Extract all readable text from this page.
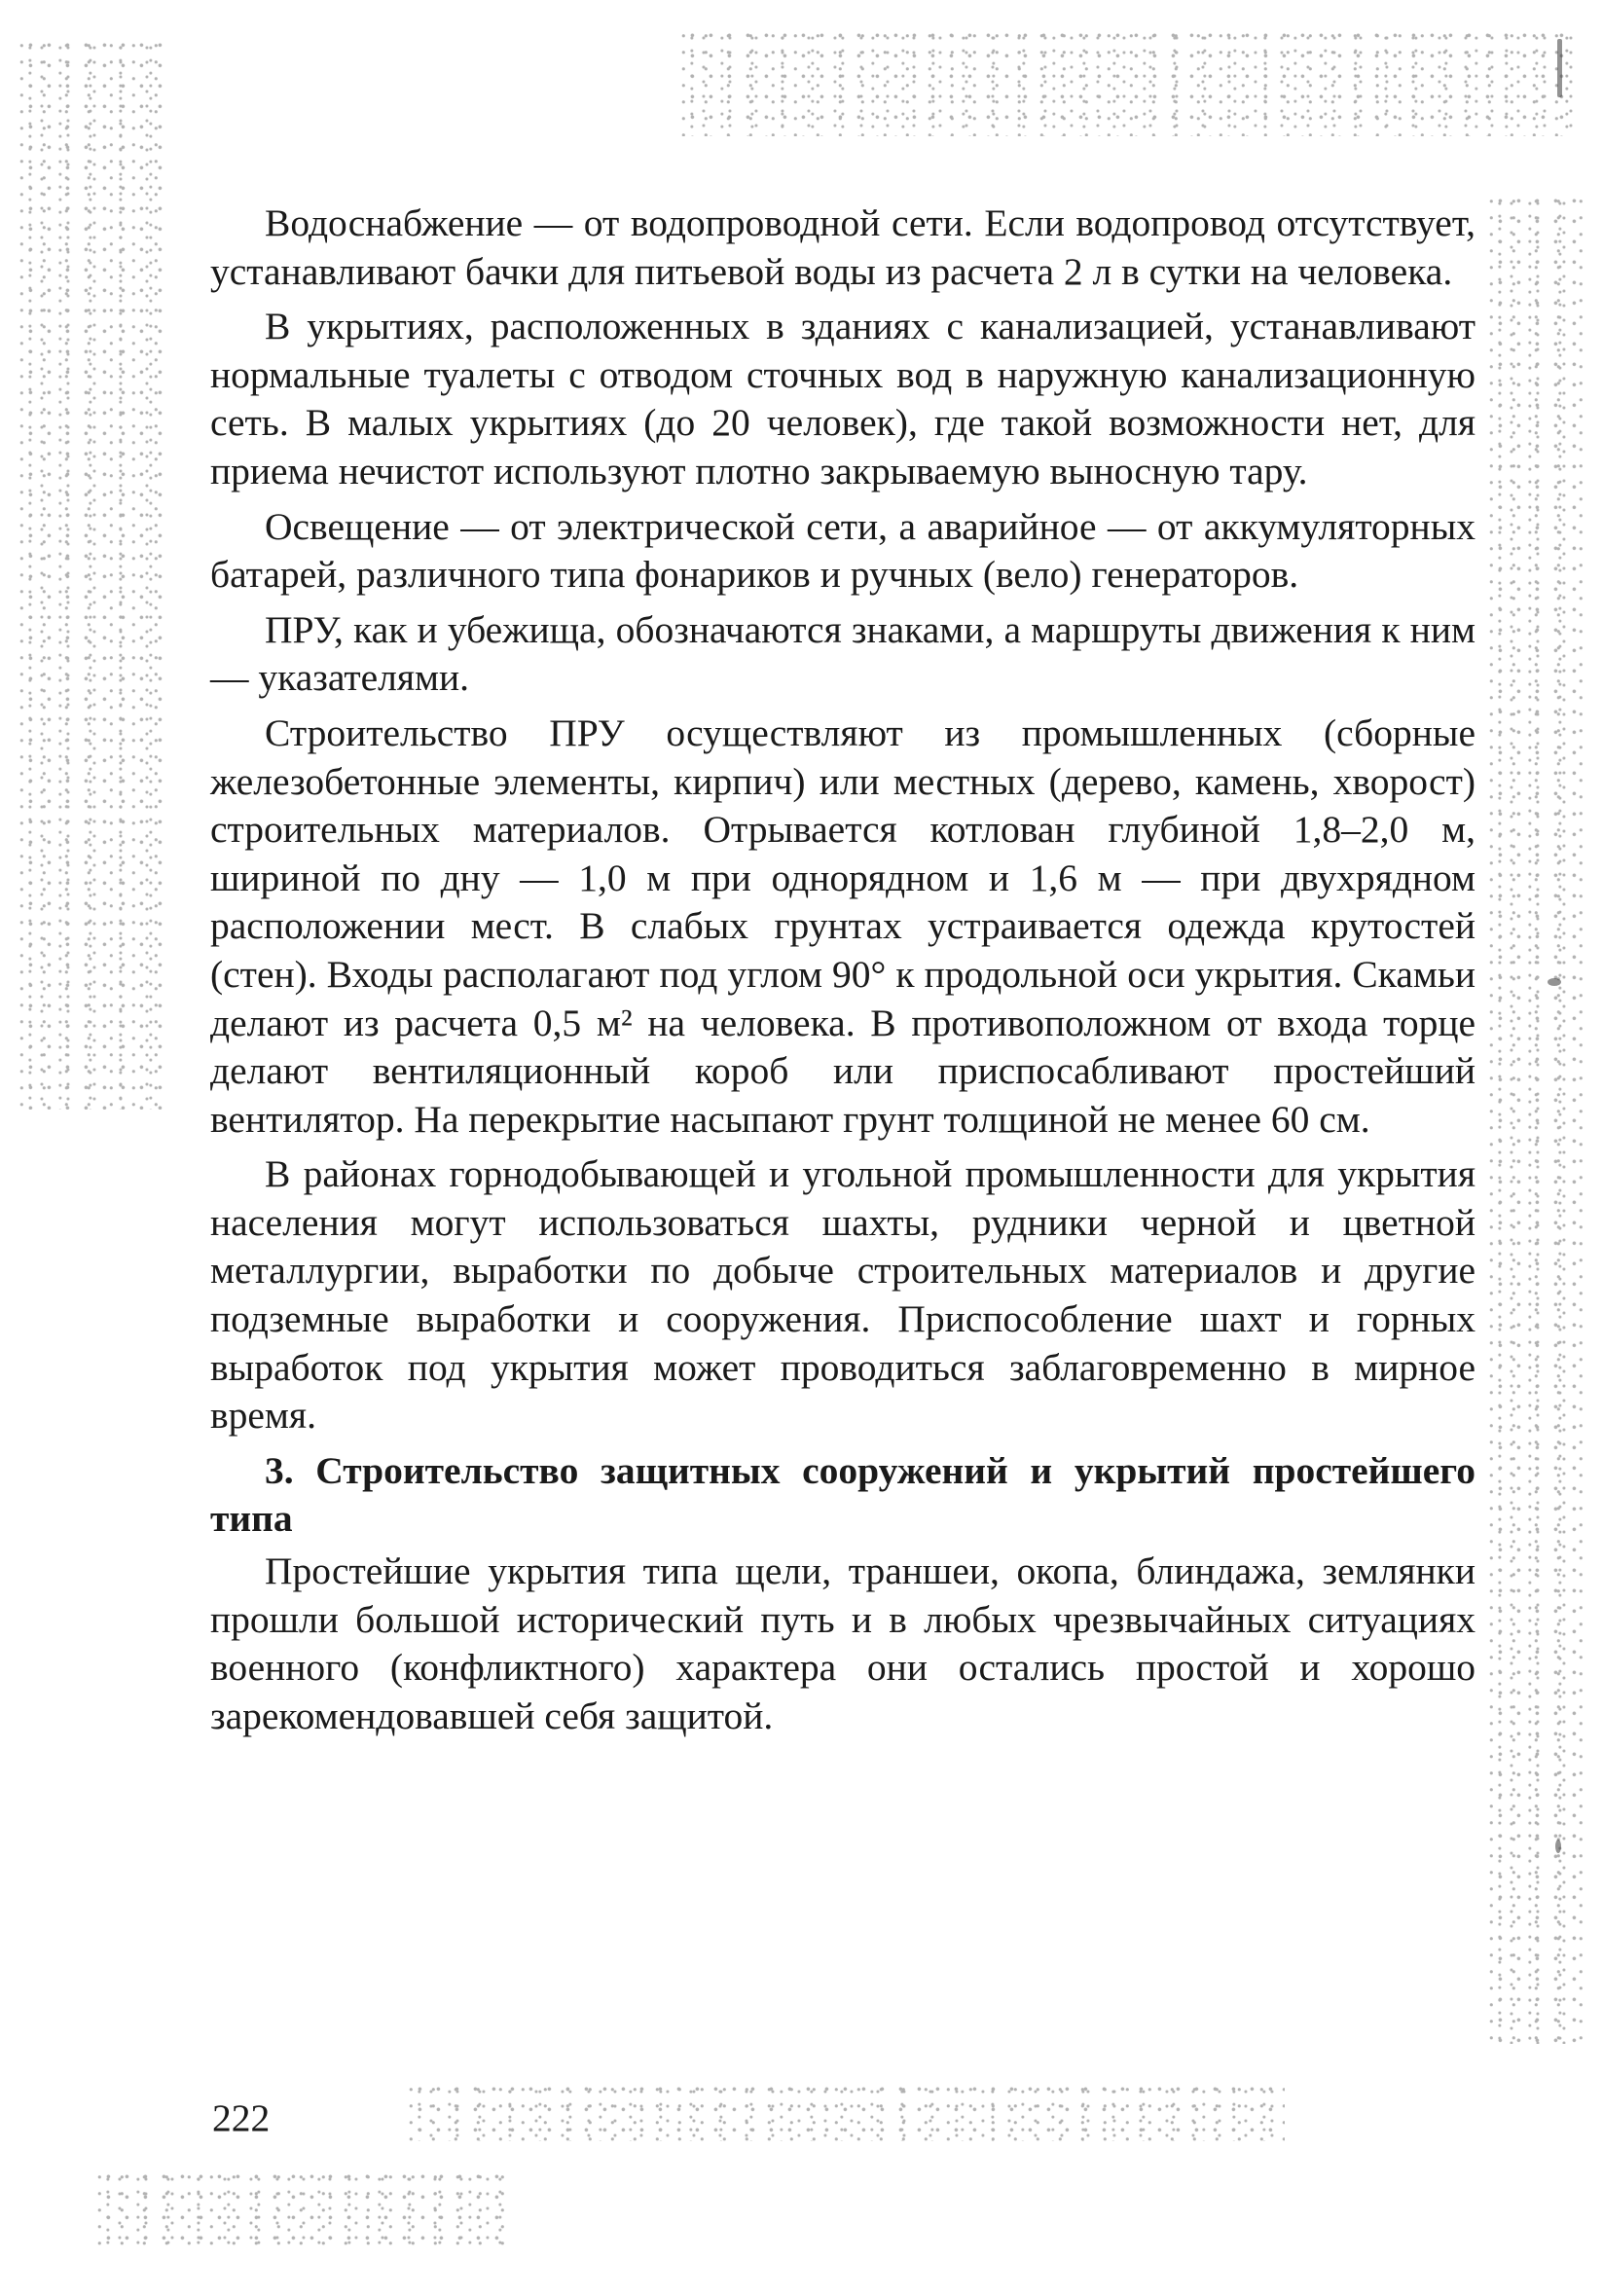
Водоснабжение — от водопроводной сети. Если водопровод отсутствует, устанавливают бачки для питьевой воды из расчета 2 л в сутки на человека.

В укрытиях, расположенных в зданиях с канализацией, устанавливают нормальные туалеты с отводом сточных вод в наружную канализационную сеть. В малых укрытиях (до 20 человек), где такой возможности нет, для приема нечистот используют плотно закрываемую выносную тару.

Освещение — от электрической сети, а аварийное — от аккумуляторных батарей, различного типа фонариков и ручных (вело) генераторов.

ПРУ, как и убежища, обозначаются знаками, а маршруты движения к ним — указателями.

Строительство ПРУ осуществляют из промышленных (сборные железобетонные элементы, кирпич) или местных (дерево, камень, хворост) строительных материалов. Отрывается котлован глубиной 1,8–2,0 м, шириной по дну — 1,0 м при однoрядном и 1,6 м — при двухрядном расположении мест. В слабых грунтах устраивается одежда крутостей (стен). Входы располагают под углом 90° к продольной оси укрытия. Скамьи делают из расчета 0,5 м² на человека. В противоположном от входа торце делают вентиляционный короб или приспосабливают простейший вентилятор. На перекрытие насыпают грунт толщиной не менее 60 см.

В районах горнодобывающей и угольной промышленности для укрытия населения могут использоваться шахты, рудники черной и цветной металлургии, выработки по добыче строительных материалов и другие подземные выработки и сооружения. Приспособление шахт и горных выработок под укрытия может проводиться заблаговременно в мирное время.

3. Строительство защитных сооружений и укрытий простейшего типа

Простейшие укрытия типа щели, траншеи, окопа, блиндажа, землянки прошли большой исторический путь и в любых чрезвычайных ситуациях военного (конфликтного) характера они остались простой и хорошо зарекомендовавшей себя защитой.

222
